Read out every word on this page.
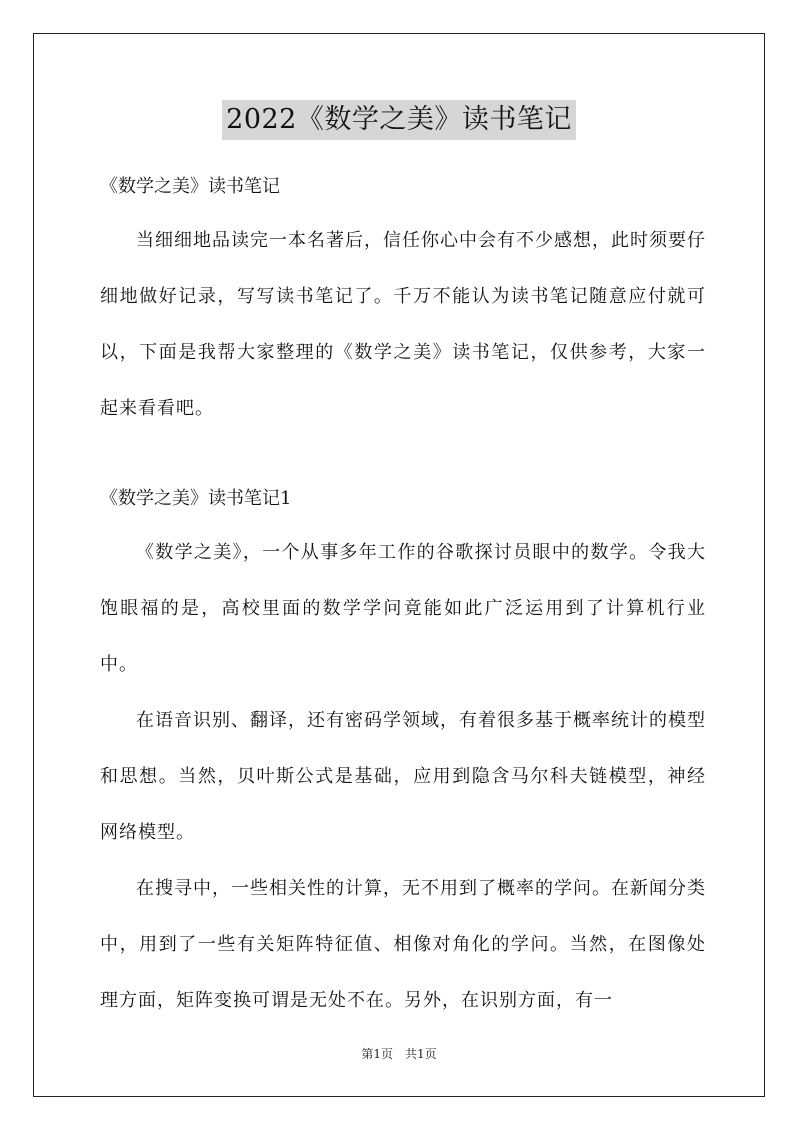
2022《数学之美》读书笔记

《数学之美》读书笔记

当细细地品读完一本名著后，信任你心中会有不少感想，此时须要仔细地做好记录，写写读书笔记了。千万不能认为读书笔记随意应付就可以，下面是我帮大家整理的《数学之美》读书笔记，仅供参考，大家一起来看看吧。

《数学之美》读书笔记1

《数学之美》，一个从事多年工作的谷歌探讨员眼中的数学。令我大饱眼福的是，高校里面的数学学问竟能如此广泛运用到了计算机行业中。

在语音识别、翻译，还有密码学领域，有着很多基于概率统计的模型和思想。当然，贝叶斯公式是基础，应用到隐含马尔科夫链模型，神经网络模型。

在搜寻中，一些相关性的计算，无不用到了概率的学问。在新闻分类中，用到了一些有关矩阵特征值、相像对角化的学问。当然，在图像处理方面，矩阵变换可谓是无处不在。另外，在识别方面，有一

第1页　共1页
